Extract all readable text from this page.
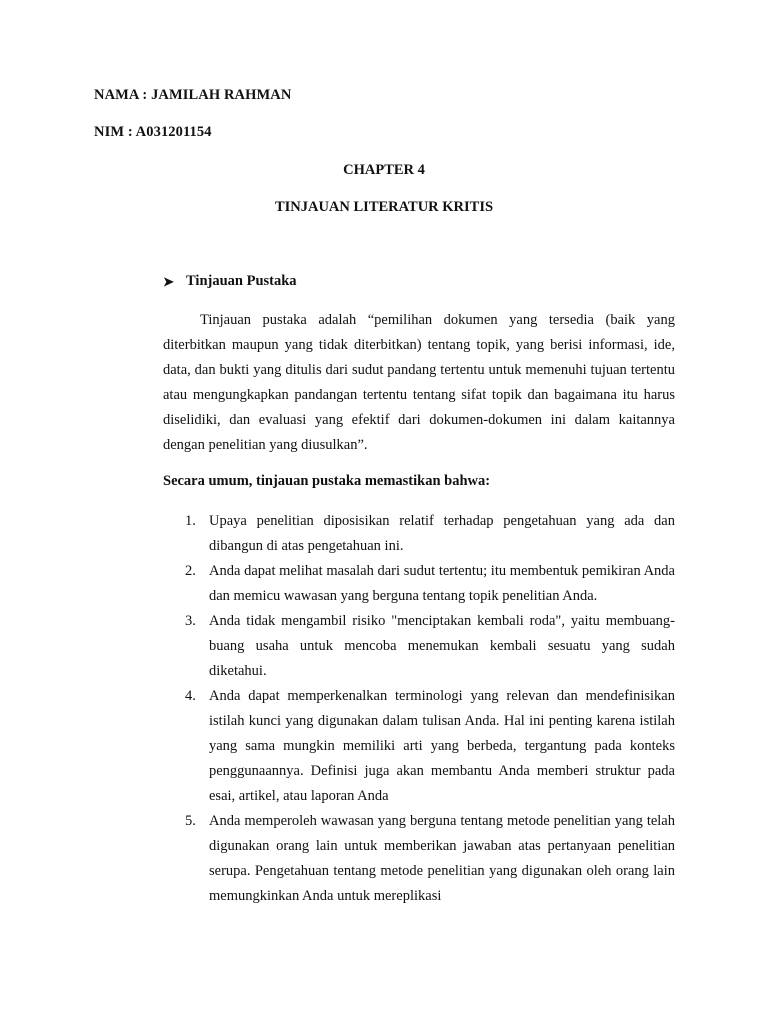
NAMA : JAMILAH RAHMAN
NIM : A031201154
CHAPTER 4
TINJAUAN LITERATUR KRITIS
➤ Tinjauan Pustaka
Tinjauan pustaka adalah “pemilihan dokumen yang tersedia (baik yang diterbitkan maupun yang tidak diterbitkan) tentang topik, yang berisi informasi, ide, data, dan bukti yang ditulis dari sudut pandang tertentu untuk memenuhi tujuan tertentu atau mengungkapkan pandangan tertentu tentang sifat topik dan bagaimana itu harus diselidiki, dan evaluasi yang efektif dari dokumen-dokumen ini dalam kaitannya dengan penelitian yang diusulkan”.
Secara umum, tinjauan pustaka memastikan bahwa:
1. Upaya penelitian diposisikan relatif terhadap pengetahuan yang ada dan dibangun di atas pengetahuan ini.
2. Anda dapat melihat masalah dari sudut tertentu; itu membentuk pemikiran Anda dan memicu wawasan yang berguna tentang topik penelitian Anda.
3. Anda tidak mengambil risiko "menciptakan kembali roda", yaitu membuang-buang usaha untuk mencoba menemukan kembali sesuatu yang sudah diketahui.
4. Anda dapat memperkenalkan terminologi yang relevan dan mendefinisikan istilah kunci yang digunakan dalam tulisan Anda. Hal ini penting karena istilah yang sama mungkin memiliki arti yang berbeda, tergantung pada konteks penggunaannya. Definisi juga akan membantu Anda memberi struktur pada esai, artikel, atau laporan Anda
5. Anda memperoleh wawasan yang berguna tentang metode penelitian yang telah digunakan orang lain untuk memberikan jawaban atas pertanyaan penelitian serupa. Pengetahuan tentang metode penelitian yang digunakan oleh orang lain memungkinkan Anda untuk mereplikasi
